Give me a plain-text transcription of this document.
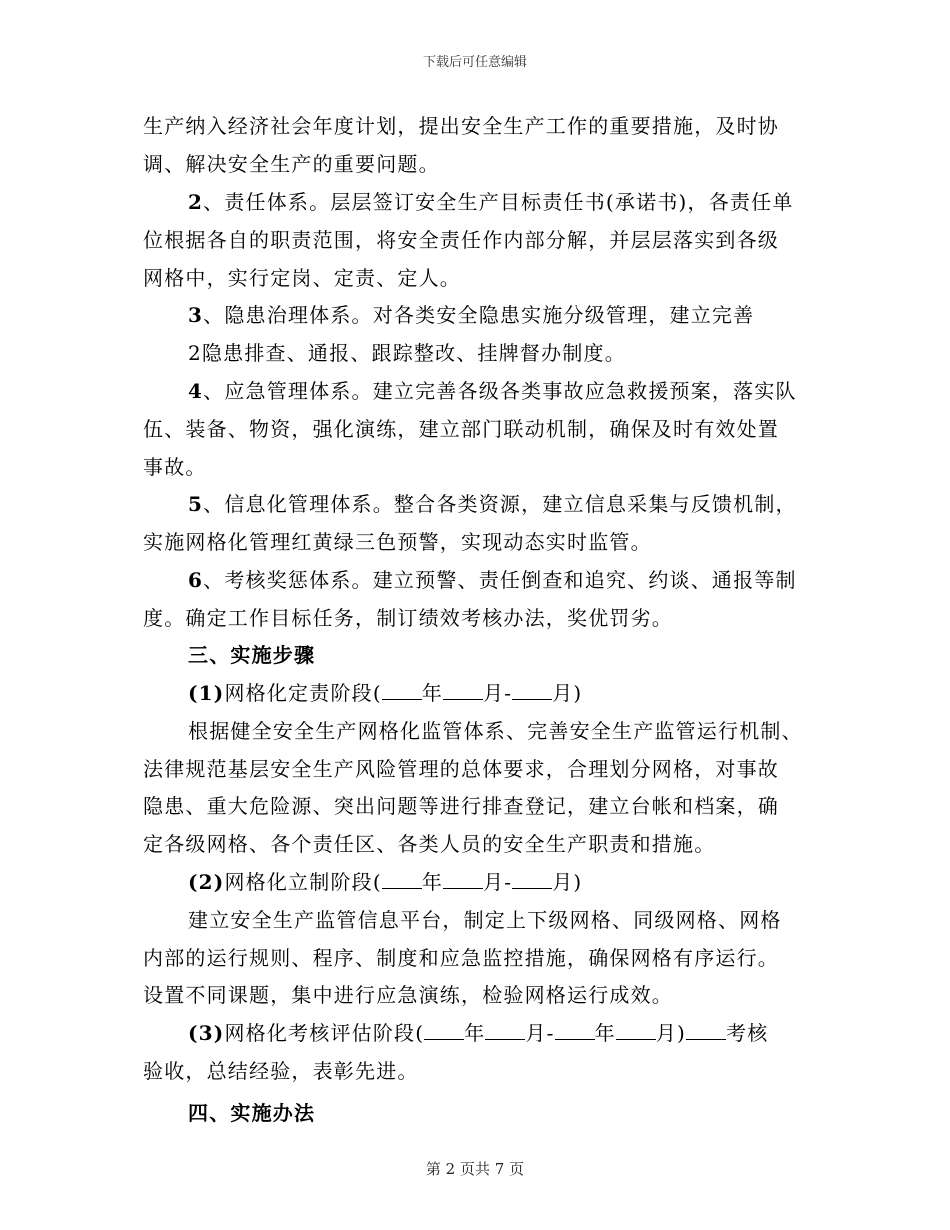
下载后可任意编辑
生产纳入经济社会年度计划，提出安全生产工作的重要措施，及时协
调、解决安全生产的重要问题。
2、责任体系。层层签订安全生产目标责任书(承诺书)，各责任单
位根据各自的职责范围，将安全责任作内部分解，并层层落实到各级
网格中，实行定岗、定责、定人。
3、隐患治理体系。对各类安全隐患实施分级管理，建立完善
2隐患排查、通报、跟踪整改、挂牌督办制度。
4、应急管理体系。建立完善各级各类事故应急救援预案，落实队
伍、装备、物资，强化演练，建立部门联动机制，确保及时有效处置
事故。
5、信息化管理体系。整合各类资源，建立信息采集与反馈机制，
实施网格化管理红黄绿三色预警，实现动态实时监管。
6、考核奖惩体系。建立预警、责任倒查和追究、约谈、通报等制
度。确定工作目标任务，制订绩效考核办法，奖优罚劣。
三、实施步骤
(1)网格化定责阶段( 年 月- 月)
根据健全安全生产网格化监管体系、完善安全生产监管运行机制、
法律规范基层安全生产风险管理的总体要求，合理划分网格，对事故
隐患、重大危险源、突出问题等进行排查登记，建立台帐和档案，确
定各级网格、各个责任区、各类人员的安全生产职责和措施。
(2)网格化立制阶段( 年 月- 月)
建立安全生产监管信息平台，制定上下级网格、同级网格、网格
内部的运行规则、程序、制度和应急监控措施，确保网格有序运行。
设置不同课题，集中进行应急演练，检验网格运行成效。
(3)网格化考核评估阶段( 年 月- 年 月) 考核
验收，总结经验，表彰先进。
四、实施办法
第 2 页共 7 页
